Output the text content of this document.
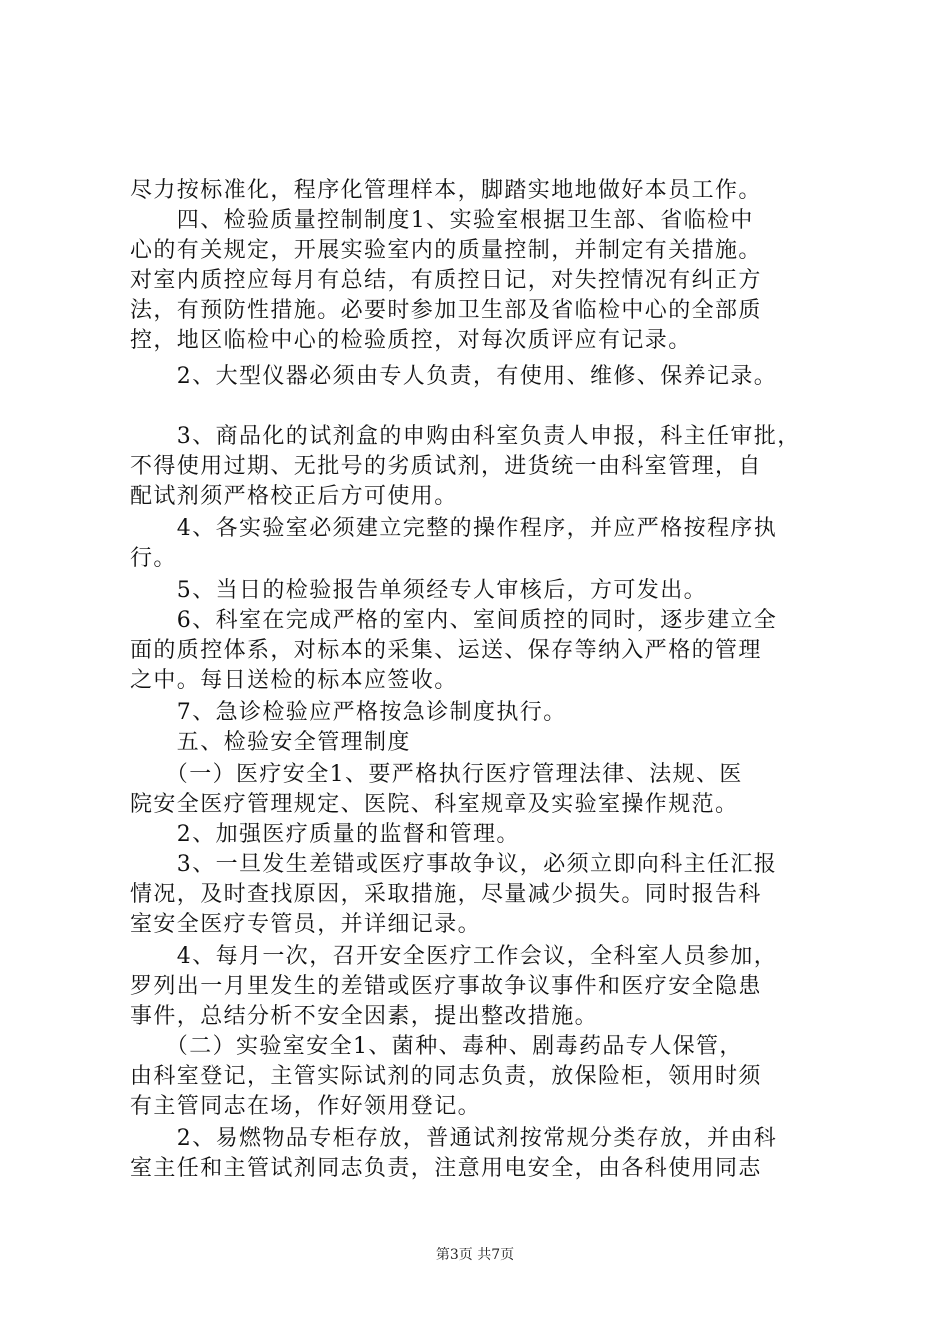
尽力按标准化，程序化管理样本，脚踏实地地做好本员工作。
　　四、检验质量控制制度1、实验室根据卫生部、省临检中
心的有关规定，开展实验室内的质量控制，并制定有关措施。
对室内质控应每月有总结，有质控日记，对失控情况有纠正方
法，有预防性措施。必要时参加卫生部及省临检中心的全部质
控，地区临检中心的检验质控，对每次质评应有记录。
　　2、大型仪器必须由专人负责，有使用、维修、保养记录。
　　3、商品化的试剂盒的申购由科室负责人申报，科主任审批，
不得使用过期、无批号的劣质试剂，进货统一由科室管理，自
配试剂须严格校正后方可使用。
　　4、各实验室必须建立完整的操作程序，并应严格按程序执
行。
　　5、当日的检验报告单须经专人审核后，方可发出。
　　6、科室在完成严格的室内、室间质控的同时，逐步建立全
面的质控体系，对标本的采集、运送、保存等纳入严格的管理
之中。每日送检的标本应签收。
　　7、急诊检验应严格按急诊制度执行。
　　五、检验安全管理制度
　　（一）医疗安全1、要严格执行医疗管理法律、法规、医
院安全医疗管理规定、医院、科室规章及实验室操作规范。
　　2、加强医疗质量的监督和管理。
　　3、一旦发生差错或医疗事故争议，必须立即向科主任汇报
情况，及时查找原因，采取措施，尽量减少损失。同时报告科
室安全医疗专管员，并详细记录。
　　4、每月一次，召开安全医疗工作会议，全科室人员参加，
罗列出一月里发生的差错或医疗事故争议事件和医疗安全隐患
事件，总结分析不安全因素，提出整改措施。
　　（二）实验室安全1、菌种、毒种、剧毒药品专人保管，
由科室登记，主管实际试剂的同志负责，放保险柜，领用时须
有主管同志在场，作好领用登记。
　　2、易燃物品专柜存放，普通试剂按常规分类存放，并由科
室主任和主管试剂同志负责，注意用电安全，由各科使用同志
第3页 共7页
